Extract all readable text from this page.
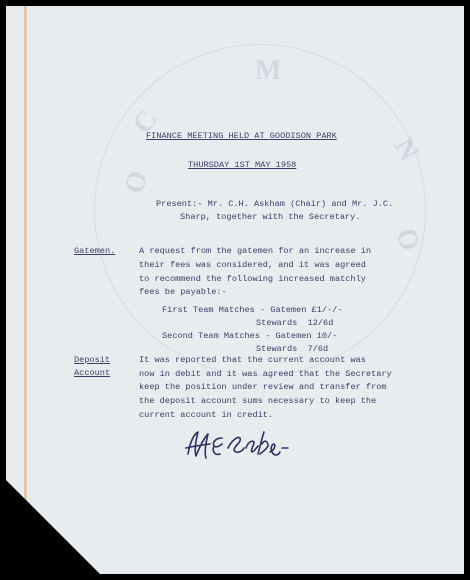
C
O
N
O
M
FINANCE MEETING HELD AT GOODISON PARK
THURSDAY 1ST MAY 1958
Present:- Mr. C.H. Askham (Chair) and Mr. J.C.
Sharp, together with the Secretary.
Gatemen.	A request from the gatemen for an increase in
their fees was considered, and it was agreed
to recommend the following increased matchly
fees be payable:-
First Team Matches - Gatemen £1/-/-
Stewards  12/6d
Second Team Matches - Gatemen 10/-
Stewards  7/6d
Deposit
Account
It was reported that the current account was
now in debit and it was agreed that the Secretary
keep the position under review and transfer from
the deposit account sums necessary to keep the
current account in credit.
